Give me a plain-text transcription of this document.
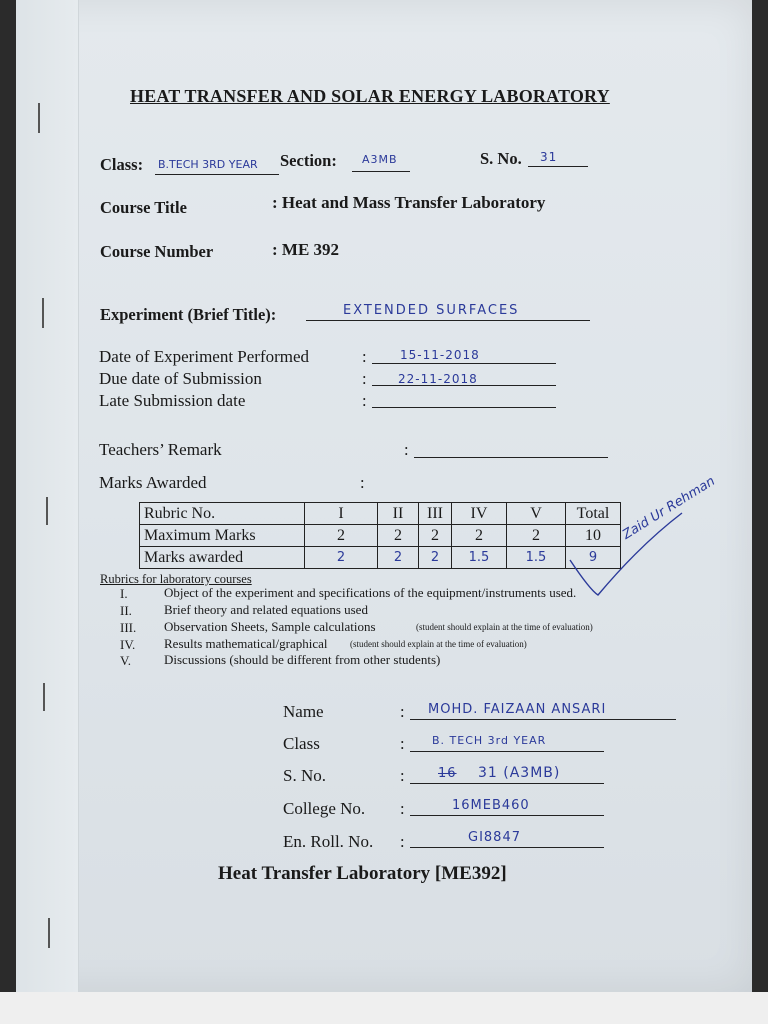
HEAT TRANSFER AND SOLAR ENERGY LABORATORY
Class: B.TECH 3RD YEAR Section: A3MB	S. No. 31
Course Title	: Heat and Mass Transfer Laboratory
Course Number	: ME 392
Experiment (Brief Title):	EXTENDED SURFACES
Date of Experiment Performed	:	15-11-2018
Due date of Submission	:	22-11-2018
Late Submission date	:
Teachers’ Remark	:
Marks Awarded	:
Rubric No.	I	II	III	IV	V	Total
Maximum Marks	2	2	2	2	2	10
Marks awarded	2	2	2	1.5	1.5	9
Zaid Ur Rehman
Rubrics for laboratory courses
I.	Object of the experiment and specifications of the equipment/instruments used.
II. Brief theory and related equations used
III. Observation Sheets, Sample calculations	(student should explain at the time of evaluation)
IV. Results mathematical/graphical (student should explain at the time of evaluation)
V.	Discussions (should be different from other students)
Name	: MOHD. FAIZAAN ANSARI
Class	: B. TECH 3rd YEAR
S. No.	:	16 31 (A3MB)
College No. :	16MEB460
En. Roll. No. :	GI8847
Heat Transfer Laboratory [ME392]
